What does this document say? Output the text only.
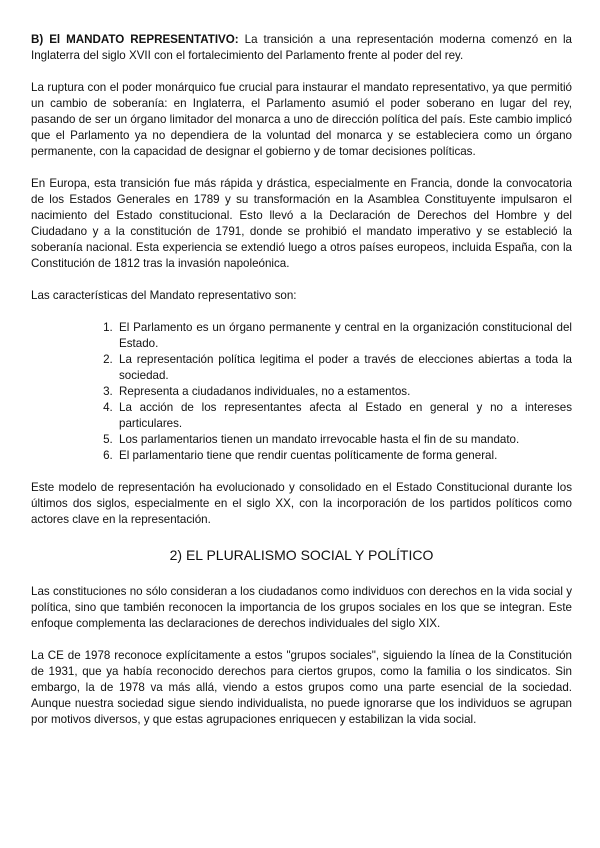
B) El MANDATO REPRESENTATIVO: La transición a una representación moderna comenzó en la Inglaterra del siglo XVII con el fortalecimiento del Parlamento frente al poder del rey.

La ruptura con el poder monárquico fue crucial para instaurar el mandato representativo, ya que permitió un cambio de soberanía: en Inglaterra, el Parlamento asumió el poder soberano en lugar del rey, pasando de ser un órgano limitador del monarca a uno de dirección política del país. Este cambio implicó que el Parlamento ya no dependiera de la voluntad del monarca y se estableciera como un órgano permanente, con la capacidad de designar el gobierno y de tomar decisiones políticas.

En Europa, esta transición fue más rápida y drástica, especialmente en Francia, donde la convocatoria de los Estados Generales en 1789 y su transformación en la Asamblea Constituyente impulsaron el nacimiento del Estado constitucional. Esto llevó a la Declaración de Derechos del Hombre y del Ciudadano y a la constitución de 1791, donde se prohibió el mandato imperativo y se estableció la soberanía nacional. Esta experiencia se extendió luego a otros países europeos, incluida España, con la Constitución de 1812 tras la invasión napoleónica.

Las características del Mandato representativo son:

1. El Parlamento es un órgano permanente y central en la organización constitucional del Estado.
2. La representación política legitima el poder a través de elecciones abiertas a toda la sociedad.
3. Representa a ciudadanos individuales, no a estamentos.
4. La acción de los representantes afecta al Estado en general y no a intereses particulares.
5. Los parlamentarios tienen un mandato irrevocable hasta el fin de su mandato.
6. El parlamentario tiene que rendir cuentas políticamente de forma general.

Este modelo de representación ha evolucionado y consolidado en el Estado Constitucional durante los últimos dos siglos, especialmente en el siglo XX, con la incorporación de los partidos políticos como actores clave en la representación.

2) EL PLURALISMO SOCIAL Y POLÍTICO

Las constituciones no sólo consideran a los ciudadanos como individuos con derechos en la vida social y política, sino que también reconocen la importancia de los grupos sociales en los que se integran. Este enfoque complementa las declaraciones de derechos individuales del siglo XIX.

La CE de 1978 reconoce explícitamente a estos "grupos sociales", siguiendo la línea de la Constitución de 1931, que ya había reconocido derechos para ciertos grupos, como la familia o los sindicatos. Sin embargo, la de 1978 va más allá, viendo a estos grupos como una parte esencial de la sociedad. Aunque nuestra sociedad sigue siendo individualista, no puede ignorarse que los individuos se agrupan por motivos diversos, y que estas agrupaciones enriquecen y estabilizan la vida social.
